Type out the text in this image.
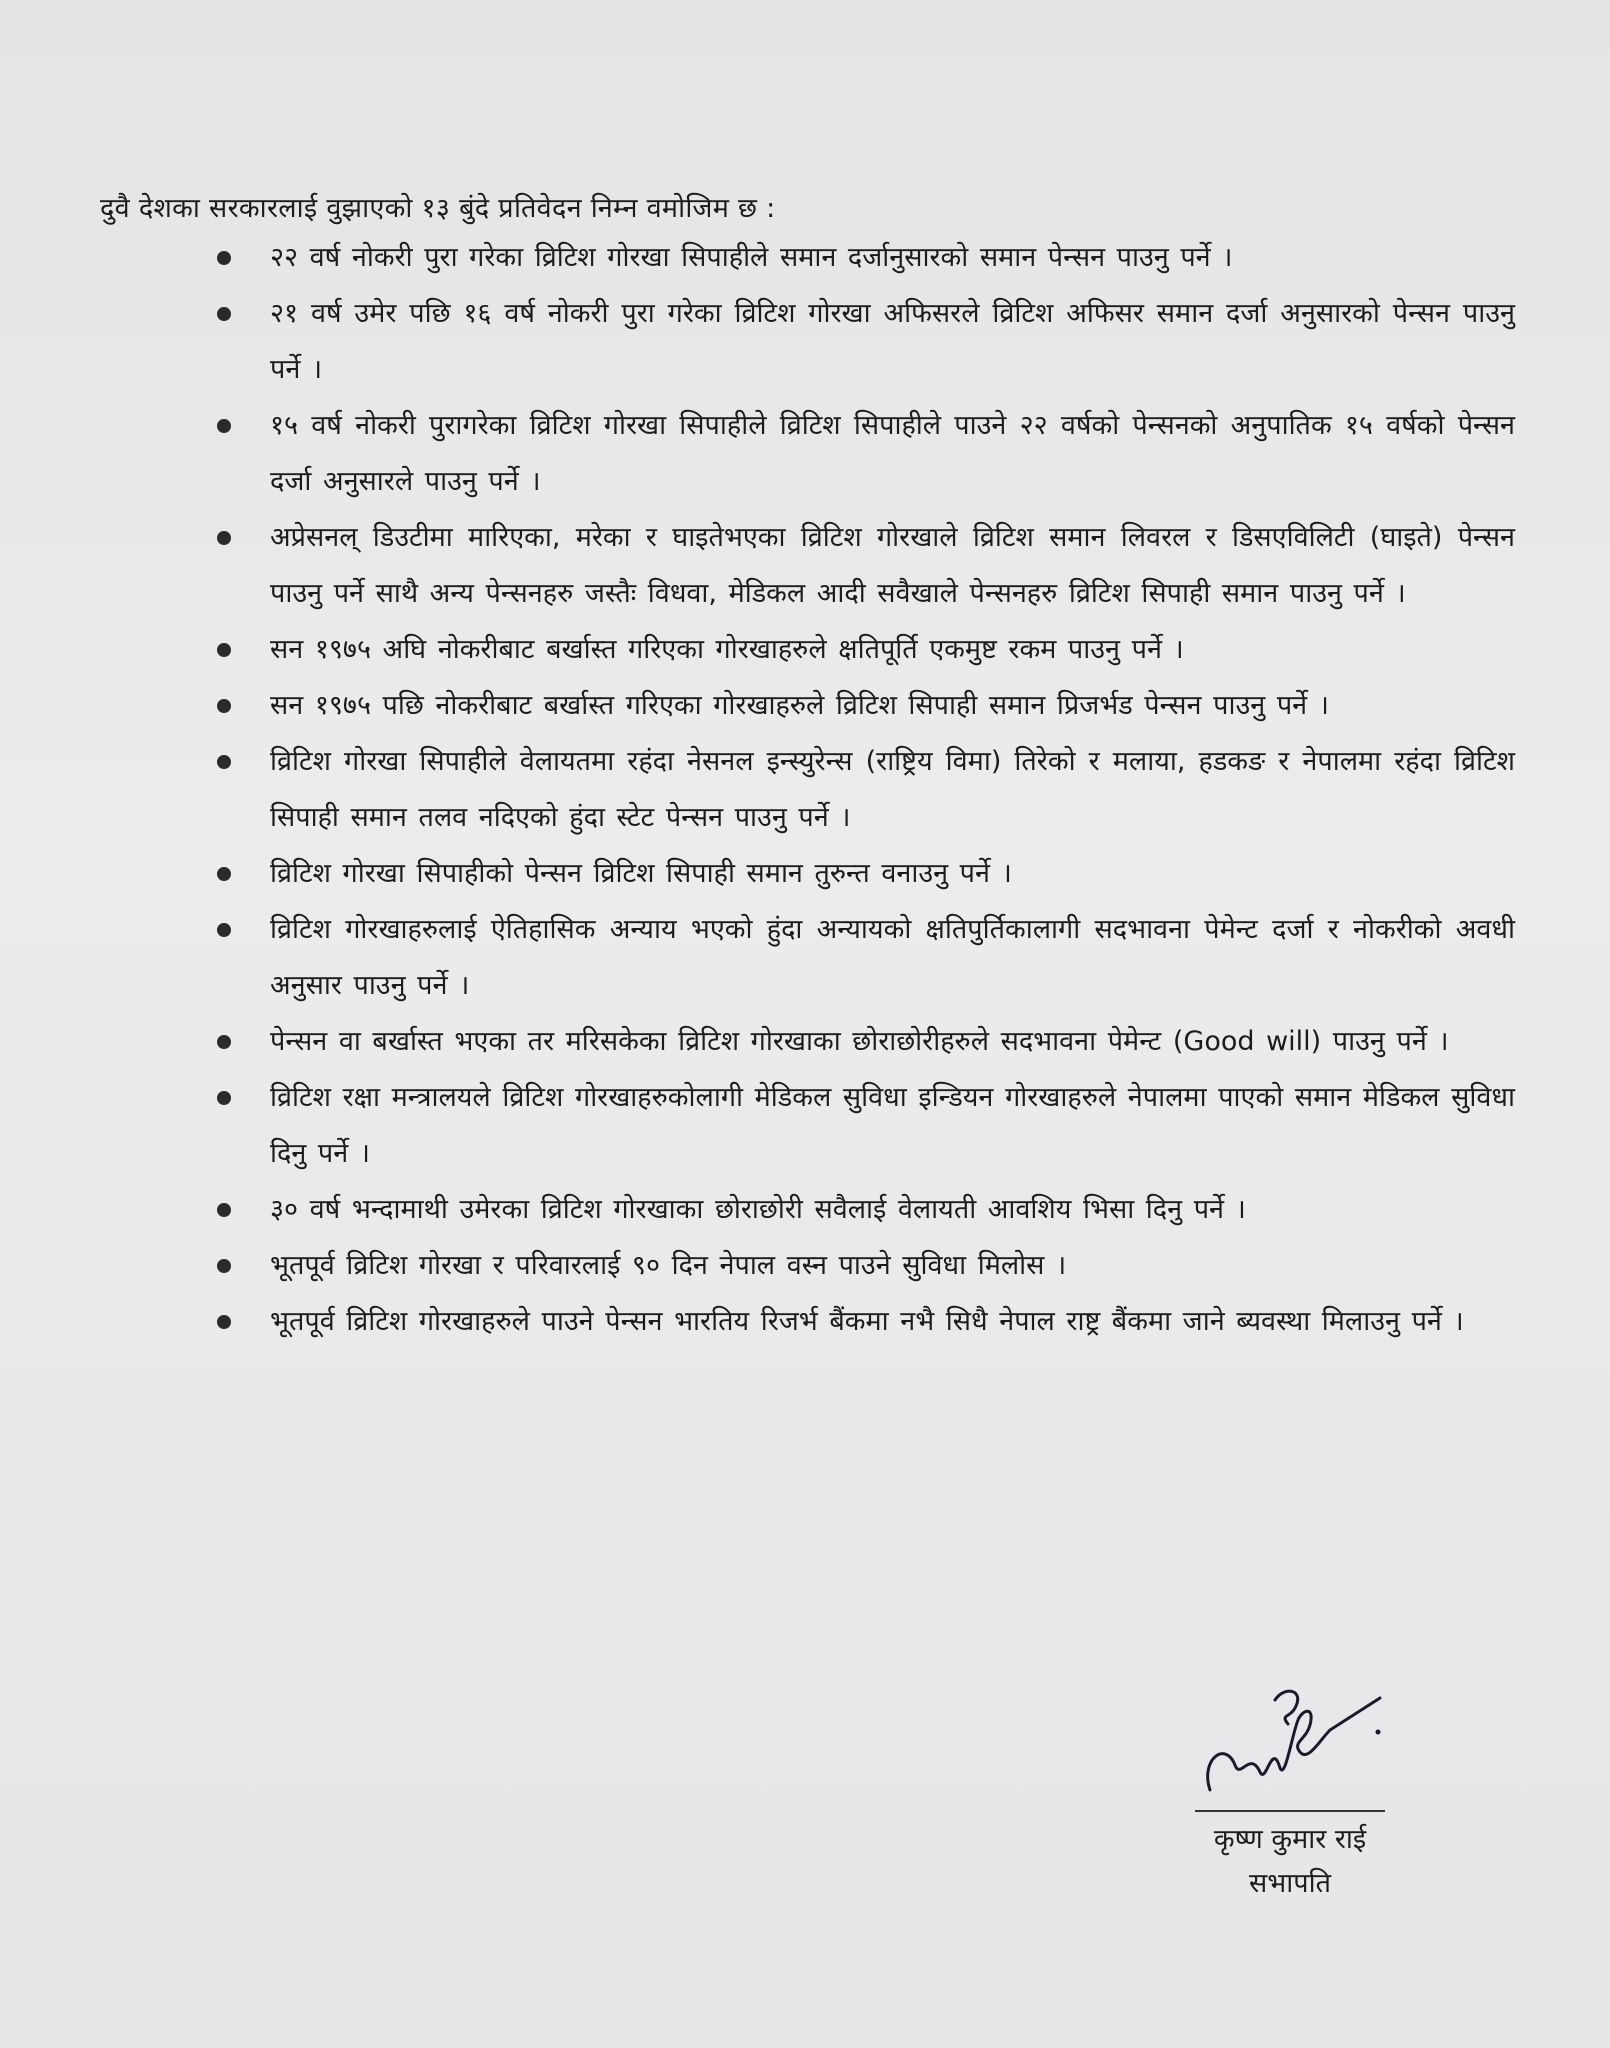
दुवै देशका सरकारलाई वुझाएको १३ बुंदे प्रतिवेदन निम्न वमोजिम छ :

२२ वर्ष नोकरी पुरा गरेका व्रिटिश गोरखा सिपाहीले समान दर्जानुसारको समान पेन्सन पाउनु पर्ने ।
२१ वर्ष उमेर पछि १६ वर्ष नोकरी पुरा गरेका व्रिटिश गोरखा अफिसरले व्रिटिश अफिसर समान दर्जा अनुसारको पेन्सन पाउनु पर्ने ।
१५ वर्ष नोकरी पुरागरेका व्रिटिश गोरखा सिपाहीले व्रिटिश सिपाहीले पाउने २२ वर्षको पेन्सनको अनुपातिक १५ वर्षको पेन्सन दर्जा अनुसारले पाउनु पर्ने ।
अप्रेसनल् डिउटीमा मारिएका, मरेका र घाइतेभएका व्रिटिश गोरखाले व्रिटिश समान लिवरल र डिसएविलिटी (घाइते) पेन्सन पाउनु पर्ने साथै अन्य पेन्सनहरु जस्तैः विधवा, मेडिकल आदी सवैखाले पेन्सनहरु व्रिटिश सिपाही समान पाउनु पर्ने ।
सन १९७५ अघि नोकरीबाट बर्खास्त गरिएका गोरखाहरुले क्षतिपूर्ति एकमुष्ट रकम पाउनु पर्ने ।
सन १९७५ पछि नोकरीबाट बर्खास्त गरिएका गोरखाहरुले व्रिटिश सिपाही समान प्रिजर्भड पेन्सन पाउनु पर्ने ।
व्रिटिश गोरखा सिपाहीले वेलायतमा रहंदा नेसनल इन्स्युरेन्स (राष्ट्रिय विमा) तिरेको र मलाया, हडकङ र नेपालमा रहंदा व्रिटिश सिपाही समान तलव नदिएको हुंदा स्टेट पेन्सन पाउनु पर्ने ।
व्रिटिश गोरखा सिपाहीको पेन्सन व्रिटिश सिपाही समान तुरुन्त वनाउनु पर्ने ।
व्रिटिश गोरखाहरुलाई ऐतिहासिक अन्याय भएको हुंदा अन्यायको क्षतिपुर्तिकालागी सदभावना पेमेन्ट दर्जा र नोकरीको अवधी अनुसार पाउनु पर्ने ।
पेन्सन वा बर्खास्त भएका तर मरिसकेका व्रिटिश गोरखाका छोराछोरीहरुले सदभावना पेमेन्ट (Good will) पाउनु पर्ने ।
व्रिटिश रक्षा मन्त्रालयले व्रिटिश गोरखाहरुकोलागी मेडिकल सुविधा इन्डियन गोरखाहरुले नेपालमा पाएको समान मेडिकल सुविधा दिनु पर्ने ।
३० वर्ष भन्दामाथी उमेरका व्रिटिश गोरखाका छोराछोरी सवैलाई वेलायती आवशिय भिसा दिनु पर्ने ।
भूतपूर्व व्रिटिश गोरखा र परिवारलाई ९० दिन नेपाल वस्न पाउने सुविधा मिलोस ।
भूतपूर्व व्रिटिश गोरखाहरुले पाउने पेन्सन भारतिय रिजर्भ बैंकमा नभै सिधै नेपाल राष्ट्र बैंकमा जाने ब्यवस्था मिलाउनु पर्ने ।
कृष्ण कुमार राई
सभापति
